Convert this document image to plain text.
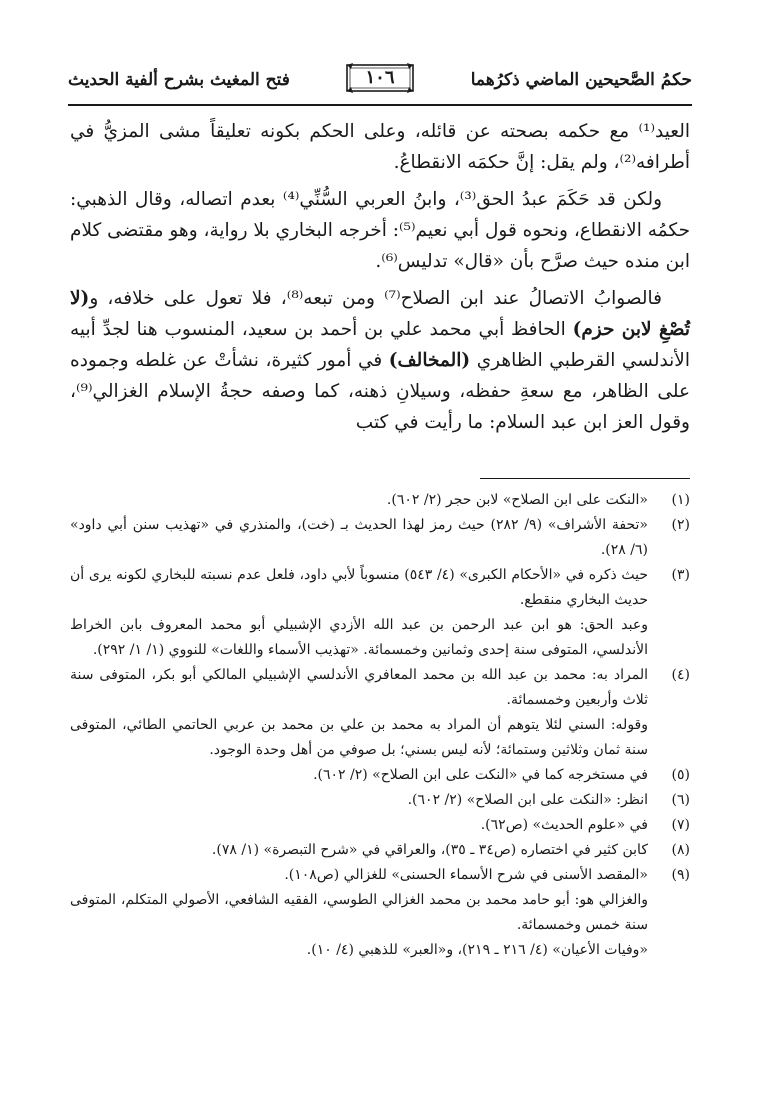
حكمُ الصَّحيحين الماضي ذكرُهما
١٠٦
فتح المغيث بشرح ألفية الحديث

العيد⁽¹⁾ مع حكمه بصحته عن قائله، وعلى الحكم بكونه تعليقاً مشى المزيُّ في أطرافه⁽²⁾، ولم يقل: إنَّ حكمَه الانقطاعُ.

ولكن قد حَكَمَ عبدُ الحق⁽³⁾، وابنُ العربي السُّنِّي⁽⁴⁾ بعدم اتصاله، وقال الذهبي: حكمُه الانقطاع، ونحوه قول أبي نعيم⁽⁵⁾: أخرجه البخاري بلا رواية، وهو مقتضى كلام ابن منده حيث صرَّح بأن «قال» تدليس⁽⁶⁾.

فالصوابُ الاتصالُ عند ابن الصلاح⁽⁷⁾ ومن تبعه⁽⁸⁾، فلا تعول على خلافه، و(لا تُصْغِ لابن حزم) الحافظ أبي محمد علي بن أحمد بن سعيد، المنسوب هنا لجدِّ أبيه الأندلسي القرطبي الظاهري (المخالف) في أمور كثيرة، نشأتْ عن غلطه وجموده على الظاهر، مع سعةِ حفظه، وسيلانِ ذهنه، كما وصفه حجةُ الإسلام الغزالي⁽⁹⁾، وقول العز ابن عبد السلام: ما رأيت في كتب

(١)
«النكت على ابن الصلاح» لابن حجر (٢/ ٦٠٢).
(٢)
«تحفة الأشراف» (٩/ ٢٨٢) حيث رمز لهذا الحديث بـ (خت)، والمنذري في «تهذيب سنن أبي داود» (٦/ ٢٨).
(٣)
حيث ذكره في «الأحكام الكبرى» (٤/ ٥٤٣) منسوباً لأبي داود، فلعل عدم نسبته للبخاري لكونه يرى أن حديث البخاري منقطع.
وعبد الحق: هو ابن عبد الرحمن بن عبد الله الأزدي الإشبيلي أبو محمد المعروف بابن الخراط الأندلسي، المتوفى سنة إحدى وثمانين وخمسمائة. «تهذيب الأسماء واللغات» للنووي (١/ ١/ ٢٩٢).
(٤)
المراد به: محمد بن عبد الله بن محمد المعافري الأندلسي الإشبيلي المالكي أبو بكر، المتوفى سنة ثلاث وأربعين وخمسمائة.
وقوله: السني لئلا يتوهم أن المراد به محمد بن علي بن محمد بن عربي الحاتمي الطائي، المتوفى سنة ثمان وثلاثين وستمائة؛ لأنه ليس بسني؛ بل صوفي من أهل وحدة الوجود.
(٥)
في مستخرجه كما في «النكت على ابن الصلاح» (٢/ ٦٠٢).
(٦)
انظر: «النكت على ابن الصلاح» (٢/ ٦٠٢).
(٧)
في «علوم الحديث» (ص٦٢).
(٨)
كابن كثير في اختصاره (ص٣٤ ـ ٣٥)، والعراقي في «شرح التبصرة» (١/ ٧٨).
(٩)
«المقصد الأسنى في شرح الأسماء الحسنى» للغزالي (ص١٠٨).
والغزالي هو: أبو حامد محمد بن محمد الغزالي الطوسي، الفقيه الشافعي، الأصولي المتكلم، المتوفى سنة خمس وخمسمائة.
«وفيات الأعيان» (٤/ ٢١٦ ـ ٢١٩)، و«العبر» للذهبي (٤/ ١٠).
